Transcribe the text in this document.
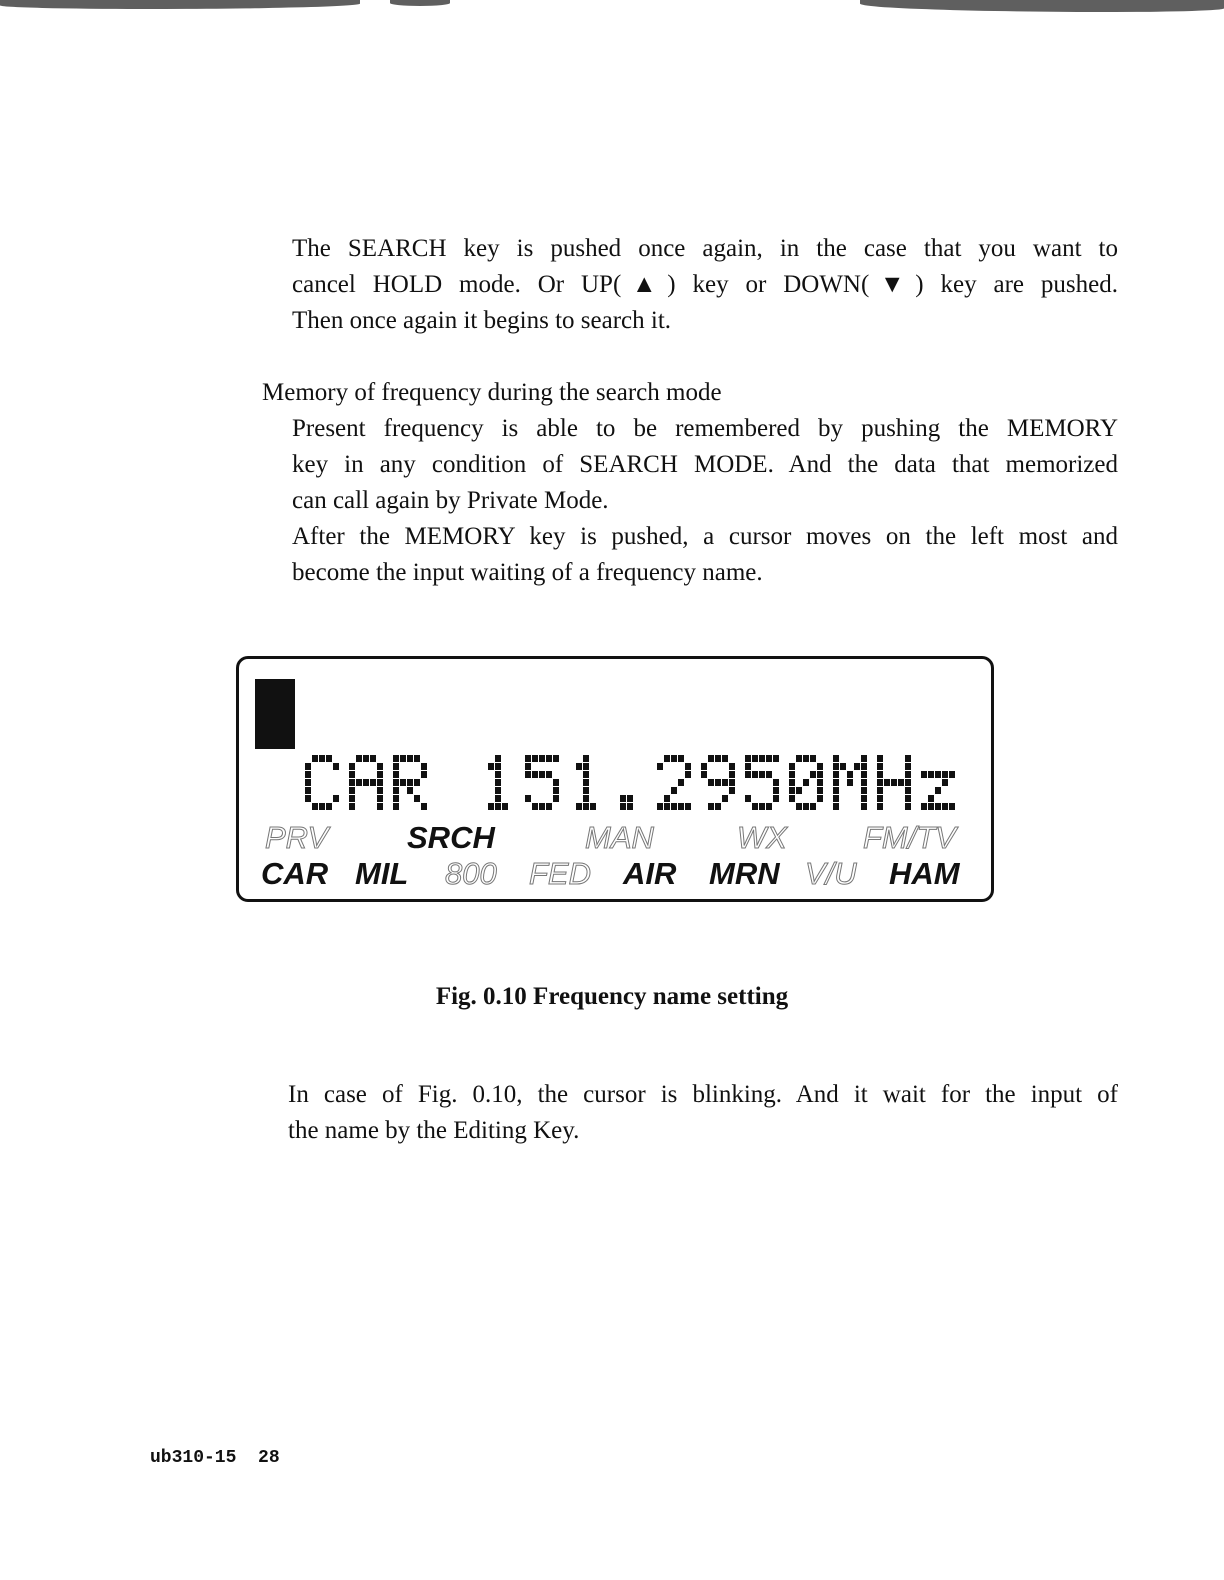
The SEARCH key is pushed once again, in the case that you want to
cancel HOLD mode. Or UP(▲) key or DOWN(▼) key are pushed.
Then once again it begins to search it.

Memory of frequency during the search mode

Present frequency is able to be remembered by pushing the MEMORY
key in any condition of SEARCH MODE. And the data that memorized
can call again by Private Mode.

After the MEMORY key is pushed, a cursor moves on the left most and
become the input waiting of a frequency name.

PRV	SRCH	MAN	WX FM/TV
CAR MIL 800 FED AIR MRN V/U HAM

Fig. 0.10 Frequency name setting

In case of Fig. 0.10, the cursor is blinking. And it wait for the input of
the name by the Editing Key.

ub310-15  28
